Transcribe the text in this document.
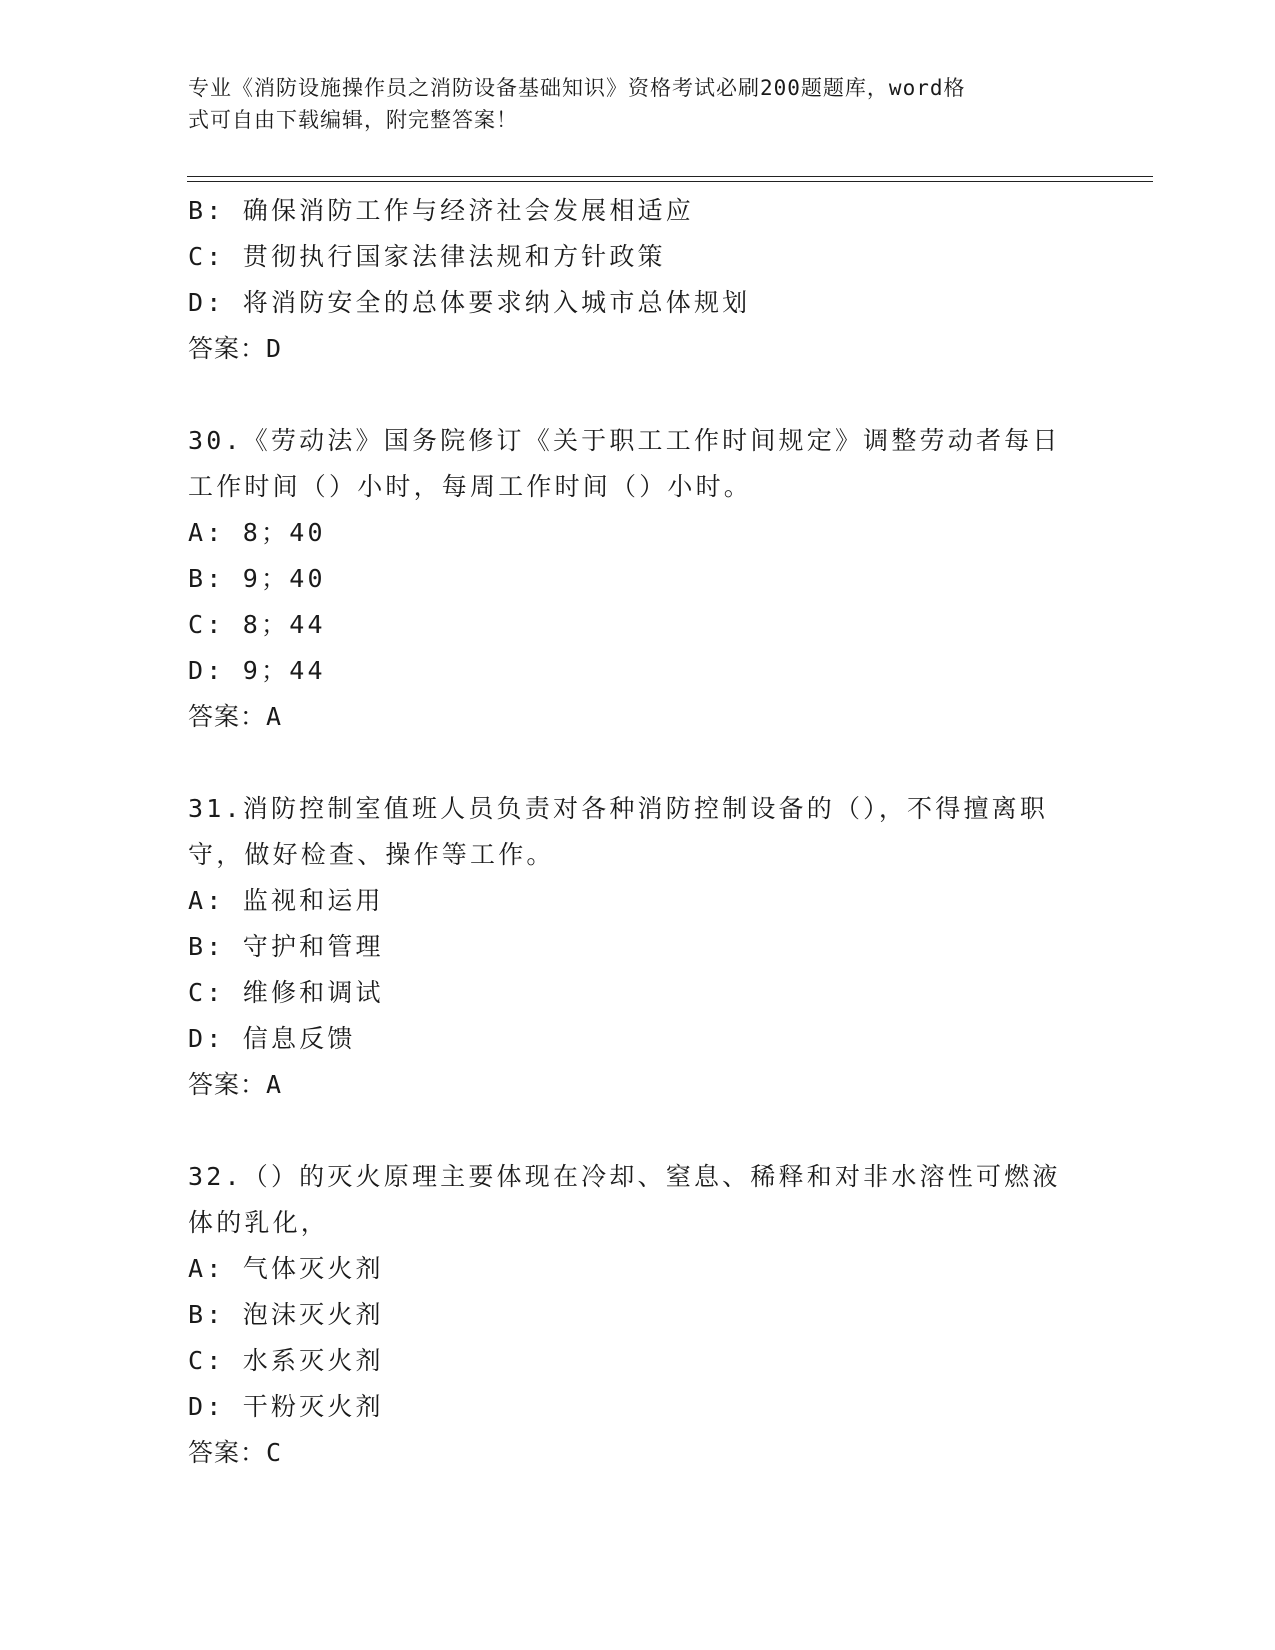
专业《消防设施操作员之消防设备基础知识》资格考试必刷200题题库，word格
式可自由下载编辑，附完整答案！
B: 确保消防工作与经济社会发展相适应
C: 贯彻执行国家法律法规和方针政策
D: 将消防安全的总体要求纳入城市总体规划
答案：D
30.《劳动法》国务院修订《关于职工工作时间规定》调整劳动者每日
工作时间（）小时，每周工作时间（）小时。
A: 8；40
B: 9；40
C: 8；44
D: 9；44
答案：A
31.消防控制室值班人员负责对各种消防控制设备的（），不得擅离职
守，做好检查、操作等工作。
A: 监视和运用
B: 守护和管理
C: 维修和调试
D: 信息反馈
答案：A
32.（）的灭火原理主要体现在冷却、窒息、稀释和对非水溶性可燃液
体的乳化，
A: 气体灭火剂
B: 泡沫灭火剂
C: 水系灭火剂
D: 干粉灭火剂
答案：C
